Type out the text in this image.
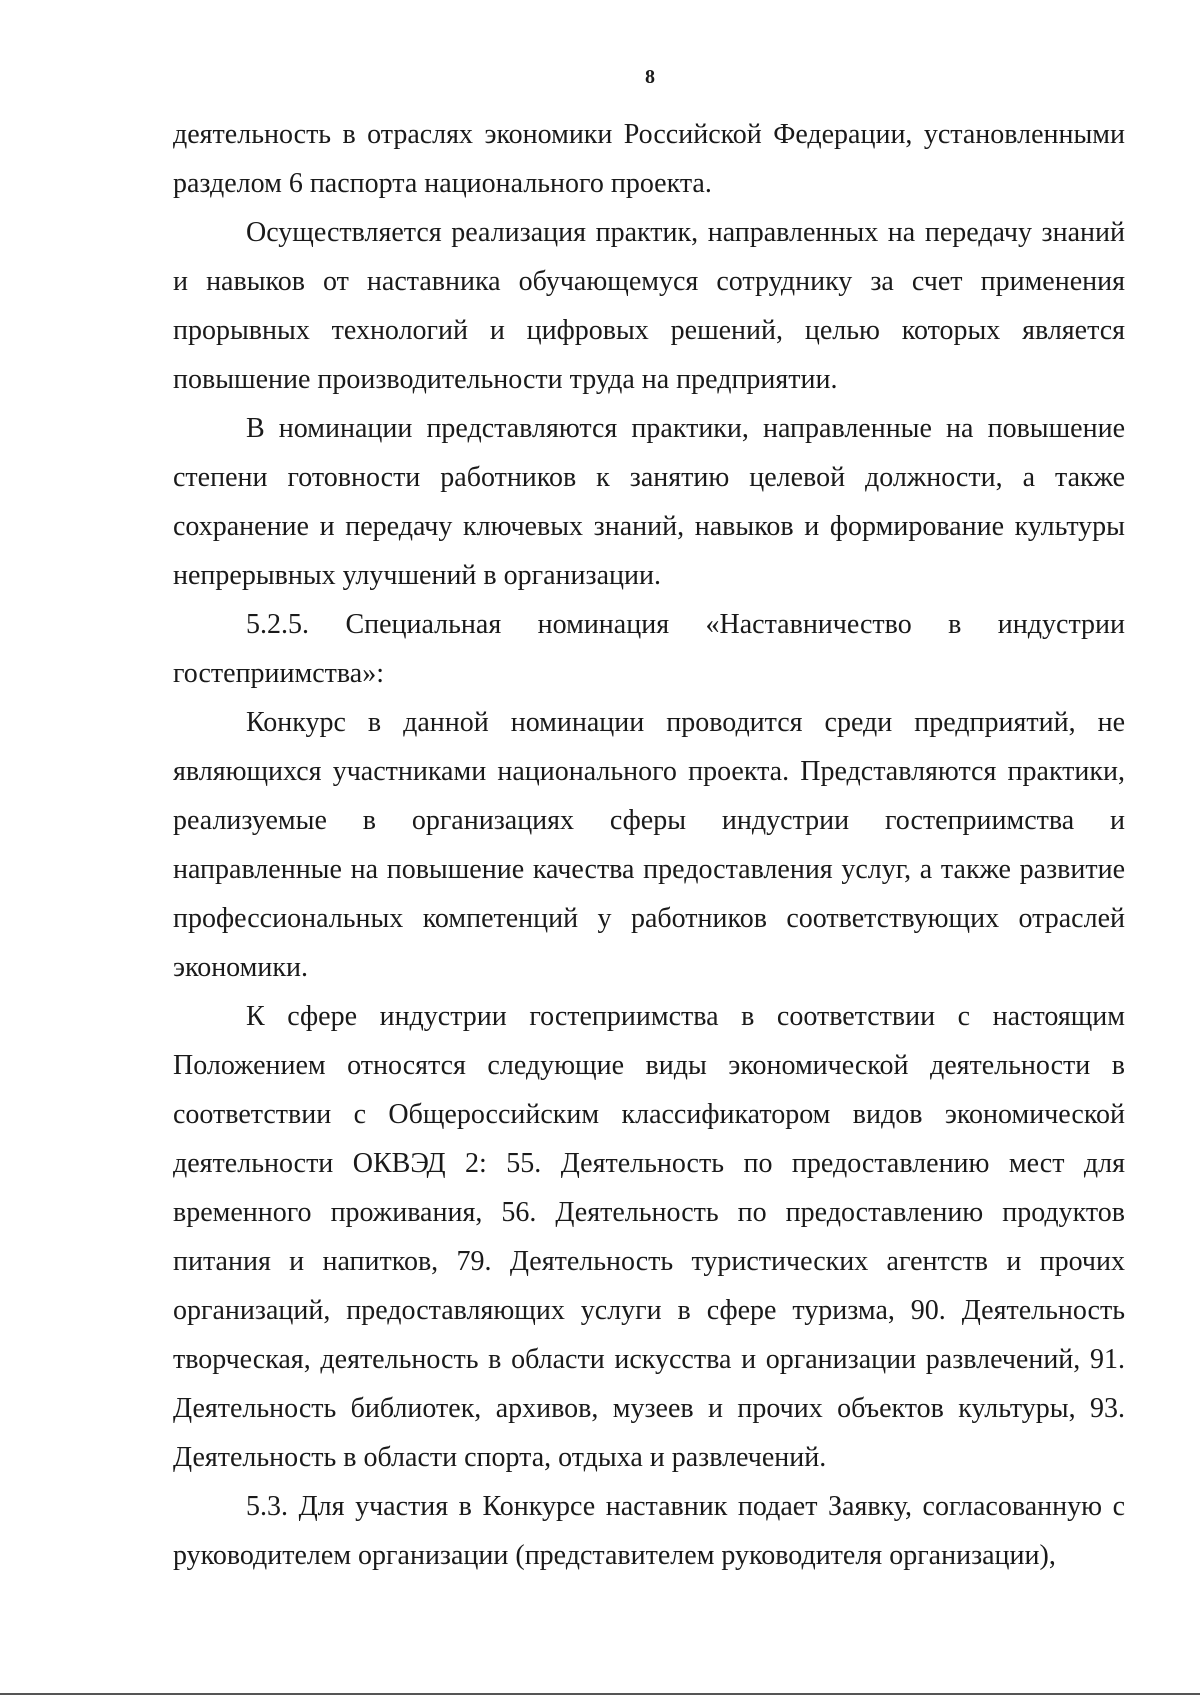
8

деятельность в отраслях экономики Российской Федерации, установленными разделом 6 паспорта национального проекта.

Осуществляется реализация практик, направленных на передачу знаний и навыков от наставника обучающемуся сотруднику за счет применения прорывных технологий и цифровых решений, целью которых является повышение производительности труда на предприятии.

В номинации представляются практики, направленные на повышение степени готовности работников к занятию целевой должности, а также сохранение и передачу ключевых знаний, навыков и формирование культуры непрерывных улучшений в организации.

5.2.5. Специальная номинация «Наставничество в индустрии гостеприимства»:

Конкурс в данной номинации проводится среди предприятий, не являющихся участниками национального проекта. Представляются практики, реализуемые в организациях сферы индустрии гостеприимства и направленные на повышение качества предоставления услуг, а также развитие профессиональных компетенций у работников соответствующих отраслей экономики.

К сфере индустрии гостеприимства в соответствии с настоящим Положением относятся следующие виды экономической деятельности в соответствии с Общероссийским классификатором видов экономической деятельности ОКВЭД 2: 55. Деятельность по предоставлению мест для временного проживания, 56. Деятельность по предоставлению продуктов питания и напитков, 79. Деятельность туристических агентств и прочих организаций, предоставляющих услуги в сфере туризма, 90. Деятельность творческая, деятельность в области искусства и организации развлечений, 91. Деятельность библиотек, архивов, музеев и прочих объектов культуры, 93. Деятельность в области спорта, отдыха и развлечений.

5.3. Для участия в Конкурсе наставник подает Заявку, согласованную с руководителем организации (представителем руководителя организации),
